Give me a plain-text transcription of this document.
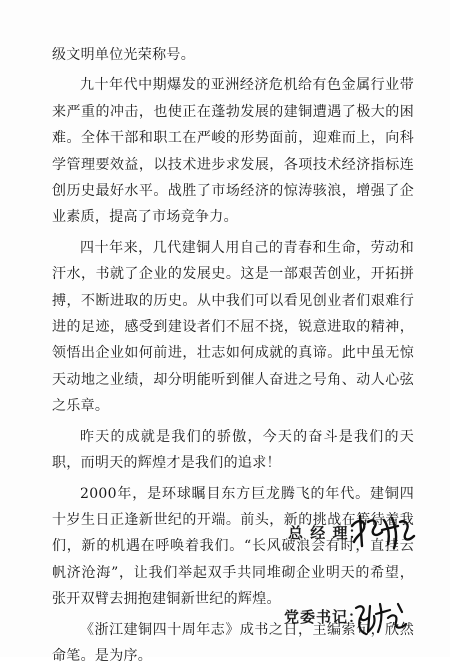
级文明单位光荣称号。

九十年代中期爆发的亚洲经济危机给有色金属行业带来严重的冲击，也使正在蓬勃发展的建铜遭遇了极大的困难。全体干部和职工在严峻的形势面前，迎难而上，向科学管理要效益，以技术进步求发展，各项技术经济指标连创历史最好水平。战胜了市场经济的惊涛骇浪，增强了企业素质，提高了市场竞争力。

四十年来，几代建铜人用自己的青春和生命，劳动和汗水，书就了企业的发展史。这是一部艰苦创业，开拓拼搏，不断进取的历史。从中我们可以看见创业者们艰难行进的足迹，感受到建设者们不屈不挠，锐意进取的精神，领悟出企业如何前进，壮志如何成就的真谛。此中虽无惊天动地之业绩，却分明能听到催人奋进之号角、动人心弦之乐章。

昨天的成就是我们的骄傲，今天的奋斗是我们的天职，而明天的辉煌才是我们的追求！

2000年，是环球瞩目东方巨龙腾飞的年代。建铜四十岁生日正逢新世纪的开端。前头，新的挑战在等待着我们，新的机遇在呼唤着我们。“长风破浪会有时，直挂云帆济沧海”，让我们举起双手共同堆砌企业明天的希望，张开双臂去拥抱建铜新世纪的辉煌。

《浙江建铜四十周年志》成书之日，主编索句，欣然命笔。是为序。

总 经 理：
党委书记：
